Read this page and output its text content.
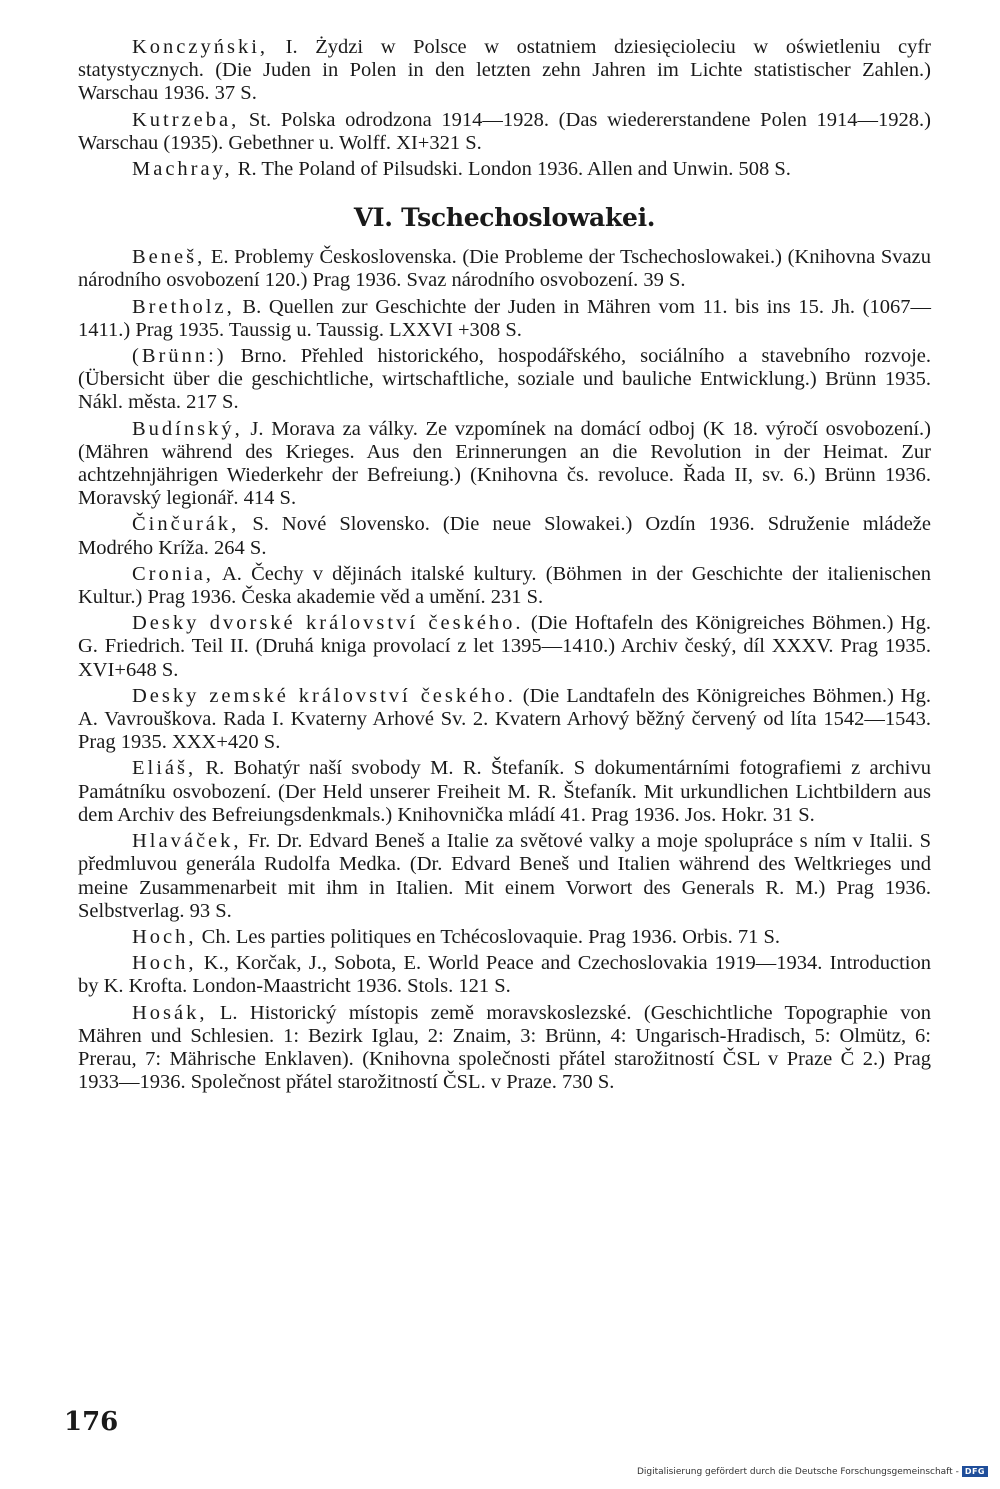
Konczyński, I. Żydzi w Polsce w ostatniem dziesięcioleciu w oświetleniu cyfr statystycznych. (Die Juden in Polen in den letzten zehn Jahren im Lichte statistischer Zahlen.) Warschau 1936. 37 S.

Kutrzeba, St. Polska odrodzona 1914—1928. (Das wiedererstandene Polen 1914—1928.) Warschau (1935). Gebethner u. Wolff. XI+321 S.

Machray, R. The Poland of Pilsudski. London 1936. Allen and Unwin. 508 S.

VI. Tschechoslowakei.

Beneš, E. Problemy Československa. (Die Probleme der Tschechoslowakei.) (Knihovna Svazu národního osvobození 120.) Prag 1936. Svaz národního osvobození. 39 S.

Bretholz, B. Quellen zur Geschichte der Juden in Mähren vom 11. bis ins 15. Jh. (1067—1411.) Prag 1935. Taussig u. Taussig. LXXVI +308 S.

(Brünn:) Brno. Přehled historického, hospodářského, sociálního a stavebního rozvoje. (Übersicht über die geschichtliche, wirtschaftliche, soziale und bauliche Entwicklung.) Brünn 1935. Nákl. města. 217 S.

Budínský, J. Morava za války. Ze vzpomínek na domácí odboj (K 18. výročí osvobození.) (Mähren während des Krieges. Aus den Erinnerungen an die Revolution in der Heimat. Zur achtzehnjährigen Wiederkehr der Befreiung.) (Knihovna čs. revoluce. Řada II, sv. 6.) Brünn 1936. Moravský legionář. 414 S.

Činčurák, S. Nové Slovensko. (Die neue Slowakei.) Ozdín 1936. Sdruženie mládeže Modrého Kríža. 264 S.

Cronia, A. Čechy v dějinách italské kultury. (Böhmen in der Geschichte der italienischen Kultur.) Prag 1936. Česka akademie věd a umění. 231 S.

Desky dvorské království českého. (Die Hoftafeln des Königreiches Böhmen.) Hg. G. Friedrich. Teil II. (Druhá kniga provolací z let 1395—1410.) Archiv český, díl XXXV. Prag 1935. XVI+648 S.

Desky zemské království českého. (Die Landtafeln des Königreiches Böhmen.) Hg. A. Vavrouškova. Rada I. Kvaterny Arhové Sv. 2. Kvatern Arhový běžný červený od líta 1542—1543. Prag 1935. XXX+420 S.

Eliáš, R. Bohatýr naší svobody M. R. Štefaník. S dokumentárními fotografiemi z archivu Památníku osvobození. (Der Held unserer Freiheit M. R. Štefaník. Mit urkundlichen Lichtbildern aus dem Archiv des Befreiungsdenkmals.) Knihovnička mládí 41. Prag 1936. Jos. Hokr. 31 S.

Hlaváček, Fr. Dr. Edvard Beneš a Italie za světové valky a moje spolupráce s ním v Italii. S předmluvou generála Rudolfa Medka. (Dr. Edvard Beneš und Italien während des Weltkrieges und meine Zusammenarbeit mit ihm in Italien. Mit einem Vorwort des Generals R. M.) Prag 1936. Selbstverlag. 93 S.

Hoch, Ch. Les parties politiques en Tchécoslovaquie. Prag 1936. Orbis. 71 S.

Hoch, K., Korčak, J., Sobota, E. World Peace and Czechoslovakia 1919—1934. Introduction by K. Krofta. London-Maastricht 1936. Stols. 121 S.

Hosák, L. Historický místopis země moravskoslezské. (Geschichtliche Topographie von Mähren und Schlesien. 1: Bezirk Iglau, 2: Znaim, 3: Brünn, 4: Ungarisch-Hradisch, 5: Olmütz, 6: Prerau, 7: Mährische Enklaven). (Knihovna společnosti přátel starožitností ČSL v Praze Č 2.) Prag 1933—1936. Společnost přátel starožitností ČSL. v Praze. 730 S.

176
Digitalisierung gefördert durch die Deutsche Forschungsgemeinschaft - DFG
